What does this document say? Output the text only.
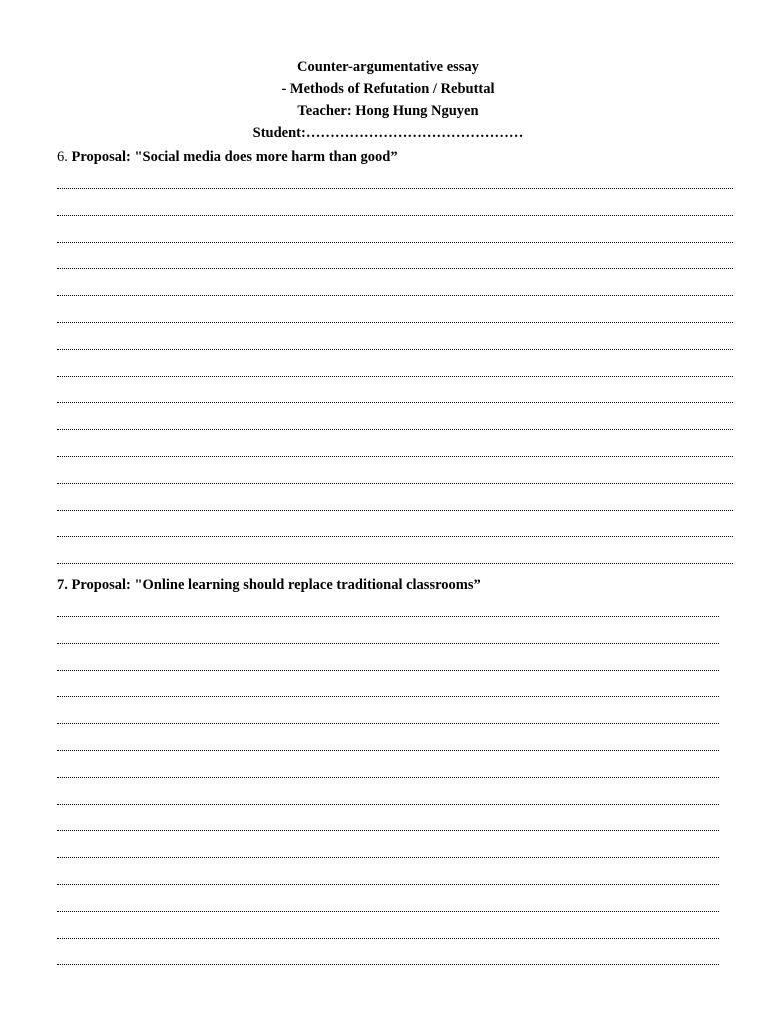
Counter-argumentative essay
- Methods of Refutation / Rebuttal
Teacher: Hong Hung Nguyen
Student:………………………………………
6. Proposal: "Social media does more harm than good”
7. Proposal: "Online learning should replace traditional classrooms”
